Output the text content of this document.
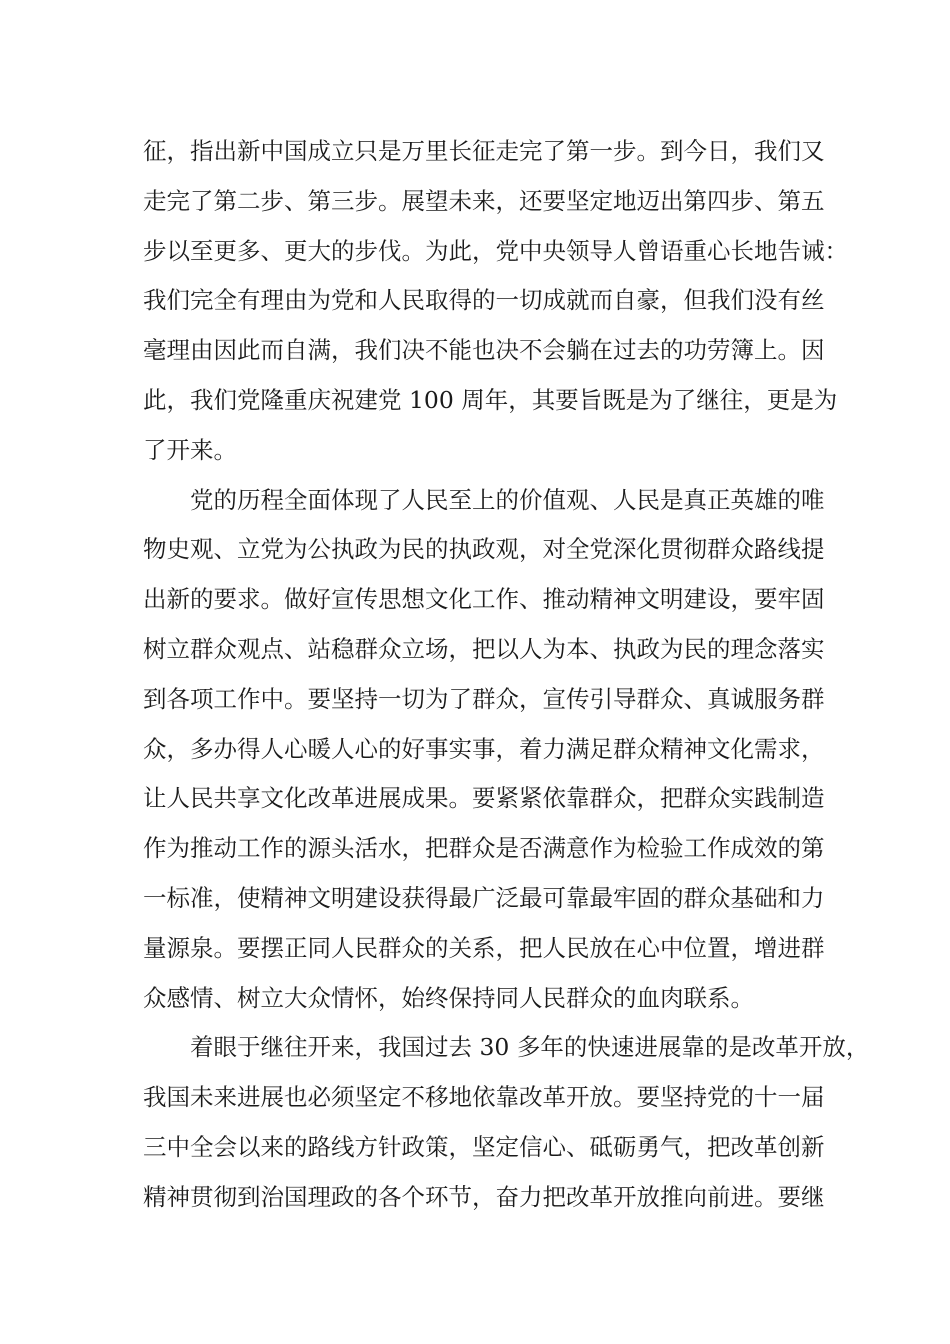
征，指出新中国成立只是万里长征走完了第一步。到今日，我们又
走完了第二步、第三步。展望未来，还要坚定地迈出第四步、第五
步以至更多、更大的步伐。为此，党中央领导人曾语重心长地告诫：
我们完全有理由为党和人民取得的一切成就而自豪，但我们没有丝
毫理由因此而自满，我们决不能也决不会躺在过去的功劳簿上。因
此，我们党隆重庆祝建党 100 周年，其要旨既是为了继往，更是为
了开来。
党的历程全面体现了人民至上的价值观、人民是真正英雄的唯
物史观、立党为公执政为民的执政观，对全党深化贯彻群众路线提
出新的要求。做好宣传思想文化工作、推动精神文明建设，要牢固
树立群众观点、站稳群众立场，把以人为本、执政为民的理念落实
到各项工作中。要坚持一切为了群众，宣传引导群众、真诚服务群
众，多办得人心暖人心的好事实事，着力满足群众精神文化需求，
让人民共享文化改革进展成果。要紧紧依靠群众，把群众实践制造
作为推动工作的源头活水，把群众是否满意作为检验工作成效的第
一标准，使精神文明建设获得最广泛最可靠最牢固的群众基础和力
量源泉。要摆正同人民群众的关系，把人民放在心中位置，增进群
众感情、树立大众情怀，始终保持同人民群众的血肉联系。
着眼于继往开来，我国过去 30 多年的快速进展靠的是改革开放，
我国未来进展也必须坚定不移地依靠改革开放。要坚持党的十一届
三中全会以来的路线方针政策，坚定信心、砥砺勇气，把改革创新
精神贯彻到治国理政的各个环节，奋力把改革开放推向前进。要继
